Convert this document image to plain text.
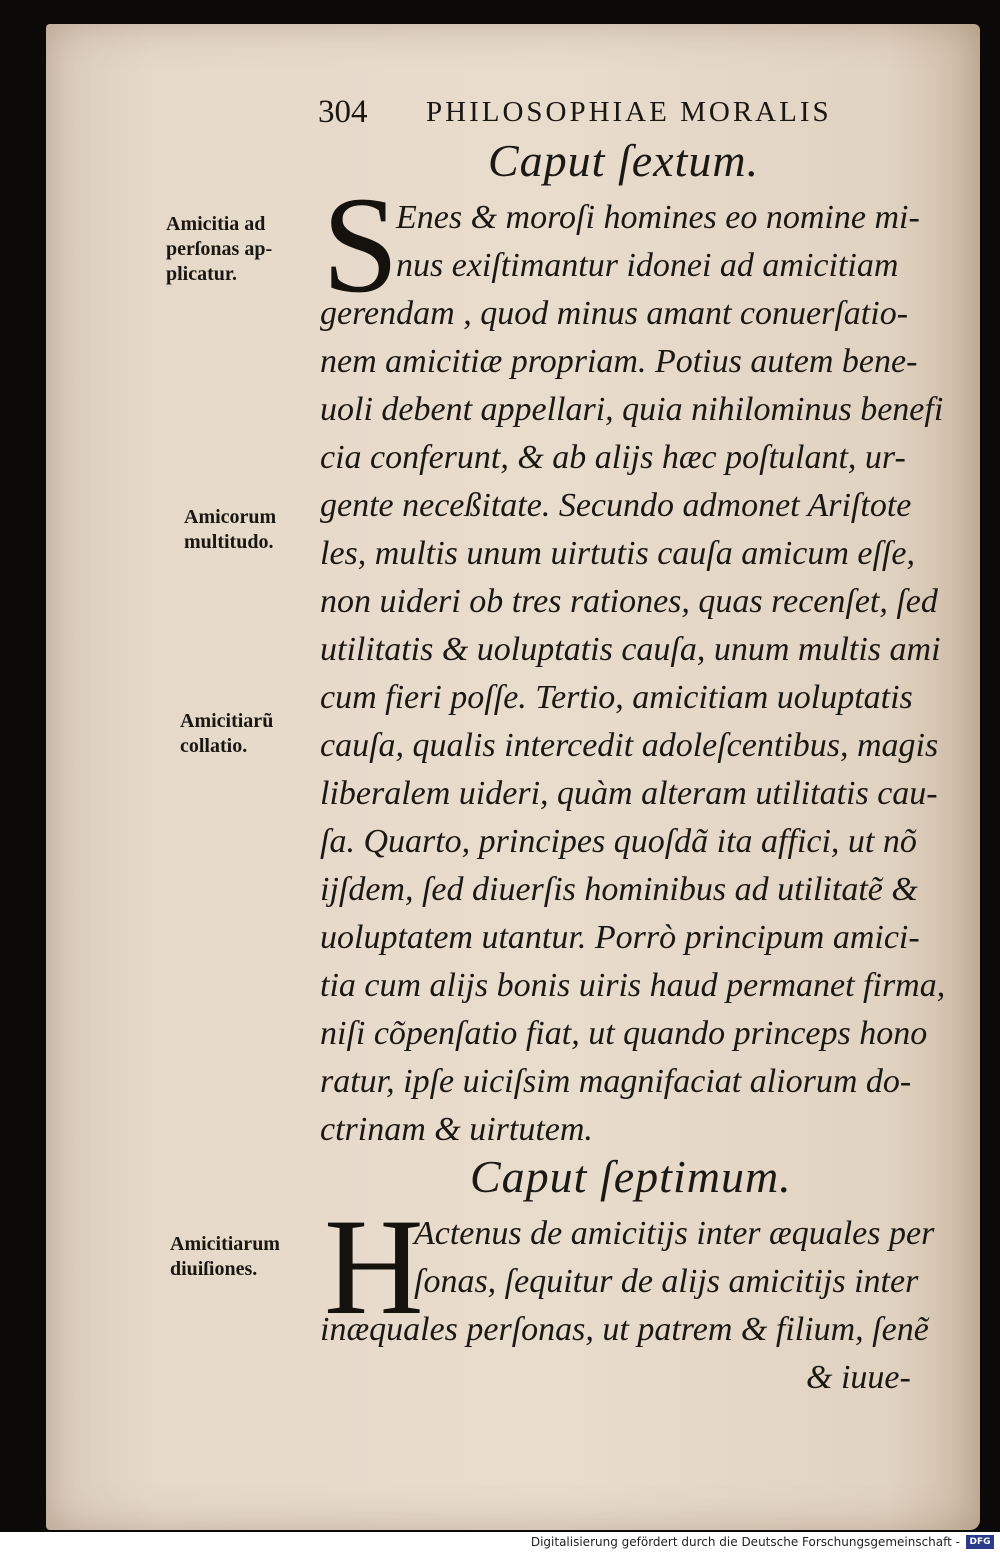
304 PHILOSOPHIAE MORALIS
Caput ſextum.
Amicitia ad
perſonas ap-
plicatur.
Amicorum
multitudo.
Amicitiarũ
collatio.
Amicitiarum
diuiſiones.
S
Enes & moroſi homines eo nomine mi-
nus exiſtimantur idonei ad amicitiam
gerendam , quod minus amant conuerſatio-
nem amicitiæ propriam. Potius autem bene-
uoli debent appellari, quia nihilominus benefi
cia conferunt, & ab aliјs hæc poſtulant, ur-
gente neceßitate. Secundo admonet Ariſtote
les, multis unum uirtutis cauſa amicum eſſe,
non uideri ob tres rationes, quas recenſet, ſed
utilitatis & uoluptatis cauſa, unum multis ami
cum fieri poſſe. Tertio, amicitiam uoluptatis
cauſa, qualis intercedit adoleſcentibus, magis
liberalem uideri, quàm alteram utilitatis cau-
ſa. Quarto, principes quoſdã ita affici, ut nõ
ijſdem, ſed diuerſis hominibus ad utilitatẽ &
uoluptatem utantur. Porrò principum amici-
tia cum aliјs bonis uiris haud permanet firma,
niſi cõpenſatio fiat, ut quando princeps hono
ratur, ipſe uiciſsim magnifaciat aliorum do-
ctrinam & uirtutem.
Caput ſeptimum.
H
Actenus de amicitijs inter æquales per
ſonas, ſequitur de aliјs amicitijs inter
inæquales perſonas, ut patrem & filium, ſenẽ
& iuue-
Digitalisierung gefördert durch die Deutsche Forschungsgemeinschaft -	DFG
